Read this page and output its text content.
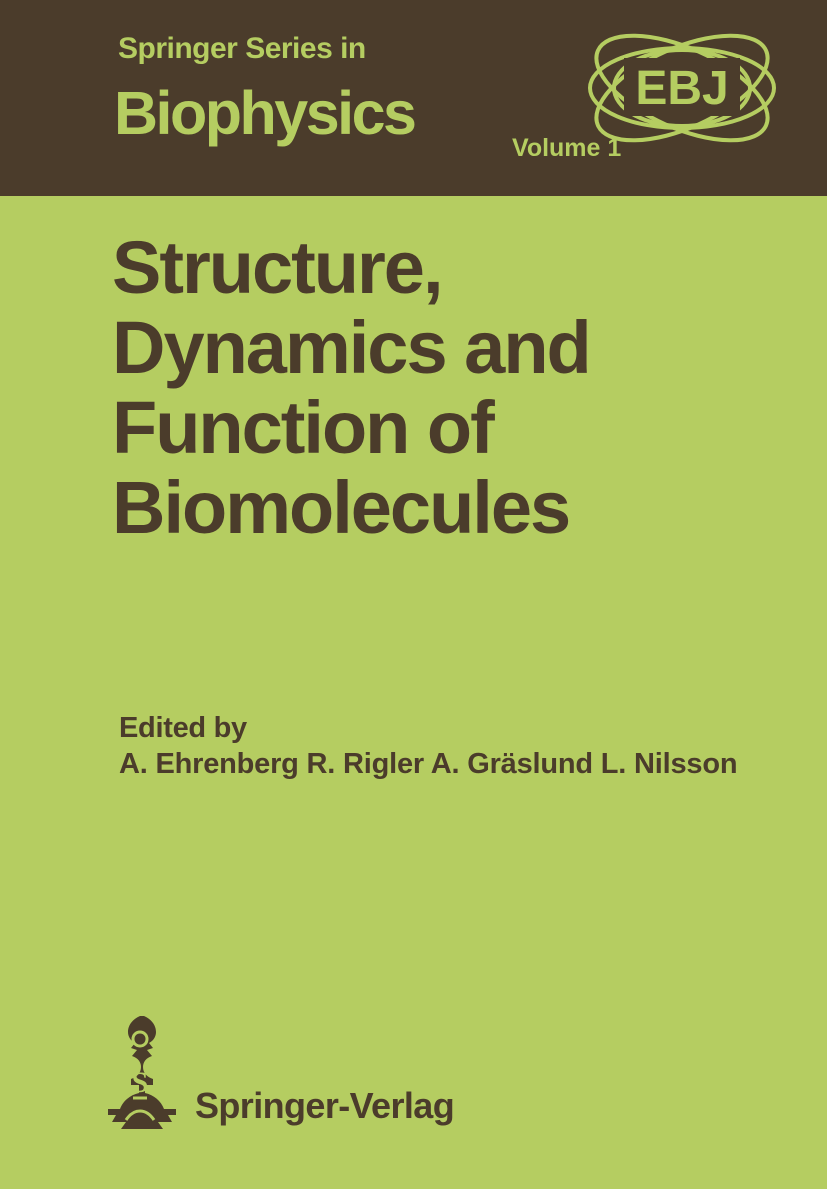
Springer Series in
Biophysics
Volume 1
EBJ
Structure,
Dynamics and
Function of
Biomolecules
Edited by
A. Ehrenberg R. Rigler A. Gräslund L. Nilsson
S
Springer-Verlag
